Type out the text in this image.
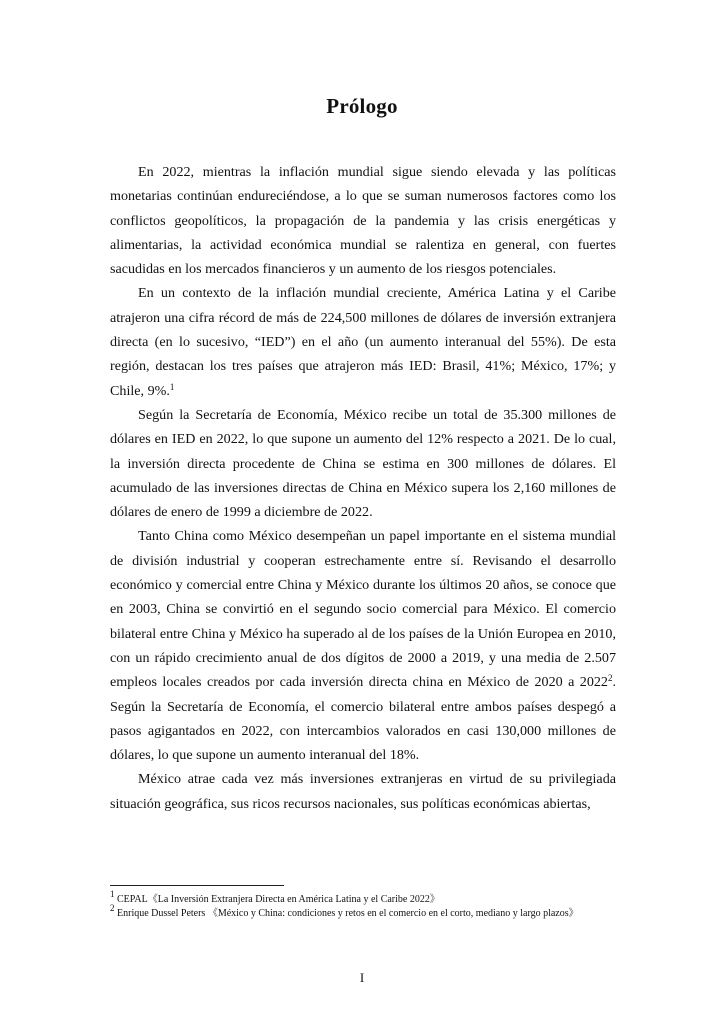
Prólogo

En 2022, mientras la inflación mundial sigue siendo elevada y las políticas monetarias continúan endureciéndose, a lo que se suman numerosos factores como los conflictos geopolíticos, la propagación de la pandemia y las crisis energéticas y alimentarias, la actividad económica mundial se ralentiza en general, con fuertes sacudidas en los mercados financieros y un aumento de los riesgos potenciales.

En un contexto de la inflación mundial creciente, América Latina y el Caribe atrajeron una cifra récord de más de 224,500 millones de dólares de inversión extranjera directa (en lo sucesivo, “IED”) en el año (un aumento interanual del 55%). De esta región, destacan los tres países que atrajeron más IED: Brasil, 41%; México, 17%; y Chile, 9%.$^1$

Según la Secretaría de Economía, México recibe un total de 35.300 millones de dólares en IED en 2022, lo que supone un aumento del 12% respecto a 2021. De lo cual, la inversión directa procedente de China se estima en 300 millones de dólares. El acumulado de las inversiones directas de China en México supera los 2,160 millones de dólares de enero de 1999 a diciembre de 2022.

Tanto China como México desempeñan un papel importante en el sistema mundial de división industrial y cooperan estrechamente entre sí. Revisando el desarrollo económico y comercial entre China y México durante los últimos 20 años, se conoce que en 2003, China se convirtió en el segundo socio comercial para México. El comercio bilateral entre China y México ha superado al de los países de la Unión Europea en 2010, con un rápido crecimiento anual de dos dígitos de 2000 a 2019, y una media de 2.507 empleos locales creados por cada inversión directa china en México de 2020 a 2022$^2$. Según la Secretaría de Economía, el comercio bilateral entre ambos países despegó a pasos agigantados en 2022, con intercambios valorados en casi 130,000 millones de dólares, lo que supone un aumento interanual del 18%.

México atrae cada vez más inversiones extranjeras en virtud de su privilegiada situación geográfica, sus ricos recursos nacionales, sus políticas económicas abiertas,

$^1$ CEPAL《La Inversión Extranjera Directa en América Latina y el Caribe 2022》

$^2$ Enrique Dussel Peters 《México y China: condiciones y retos en el comercio en el corto, mediano y largo plazos》

I
